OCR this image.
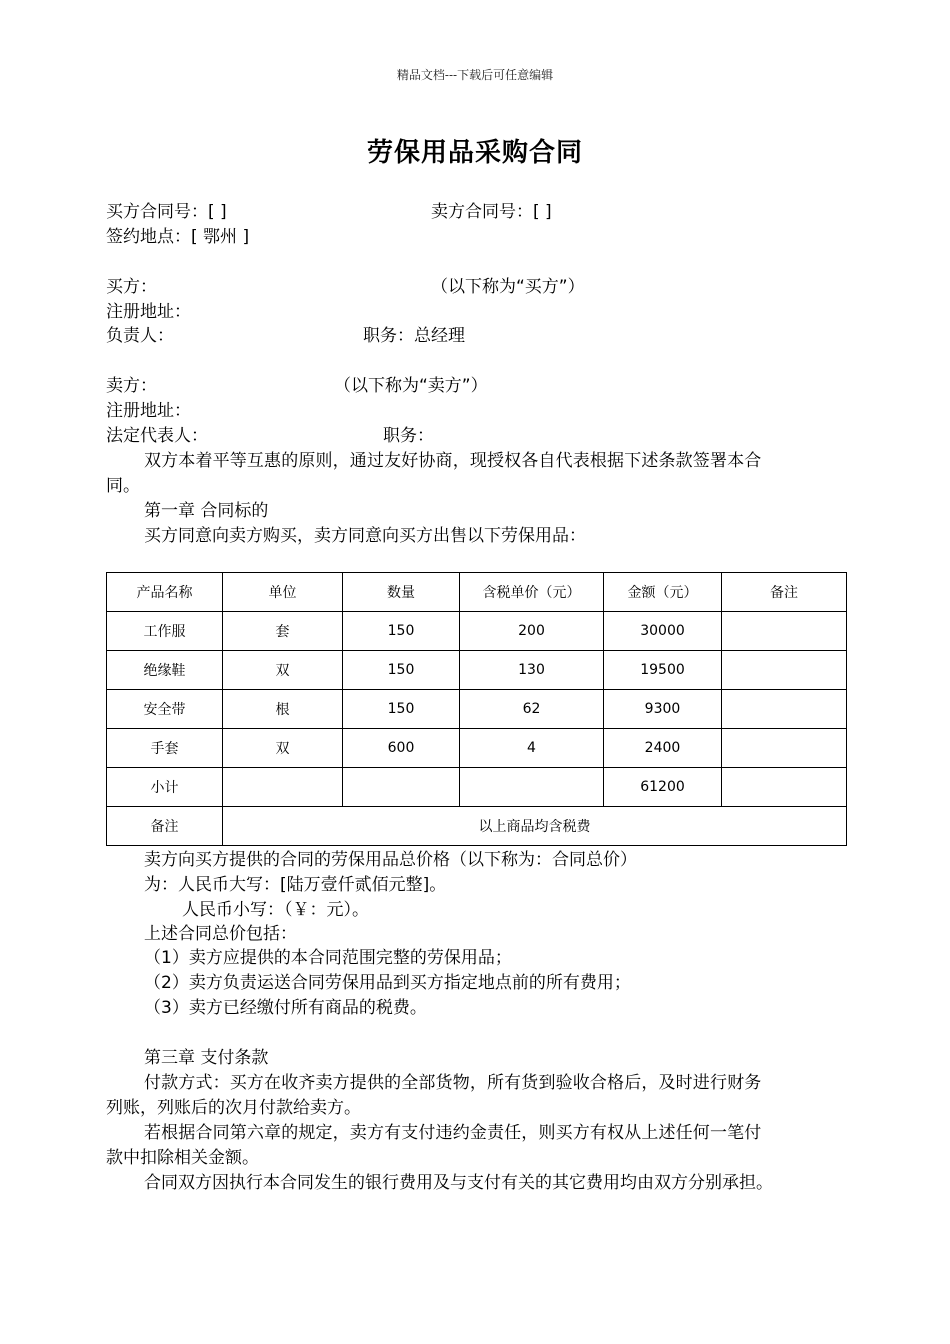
精品文档---下载后可任意编辑
劳保用品采购合同
买方合同号：[ ]	卖方合同号：[ ]
签约地点：[ 鄂州 ]
买方：	（以下称为“买方”）
注册地址：
负责人：	职务：总经理
卖方：	（以下称为“卖方”）
注册地址：
法定代表人：	职务：
双方本着平等互惠的原则，通过友好协商，现授权各自代表根据下述条款签署本合
同。
第一章 合同标的
买方同意向卖方购买，卖方同意向买方出售以下劳保用品：
产品名称	单位	数量	含税单价（元）	金额（元）	备注
工作服	套	150	200	30000	
绝缘鞋	双	150	130	19500	
安全带	根	150	62	9300	
手套	双	600	4	2400	
小计				61200	
备注	以上商品均含税费				
卖方向买方提供的合同的劳保用品总价格（以下称为：合同总价）
为：人民币大写：[陆万壹仟贰佰元整]。
人民币小写：（￥：元）。
上述合同总价包括：
（1）卖方应提供的本合同范围完整的劳保用品；
（2）卖方负责运送合同劳保用品到买方指定地点前的所有费用；
（3）卖方已经缴付所有商品的税费。
第三章 支付条款
付款方式：买方在收齐卖方提供的全部货物，所有货到验收合格后，及时进行财务
列账，列账后的次月付款给卖方。
若根据合同第六章的规定，卖方有支付违约金责任，则买方有权从上述任何一笔付
款中扣除相关金额。
合同双方因执行本合同发生的银行费用及与支付有关的其它费用均由双方分别承担。
